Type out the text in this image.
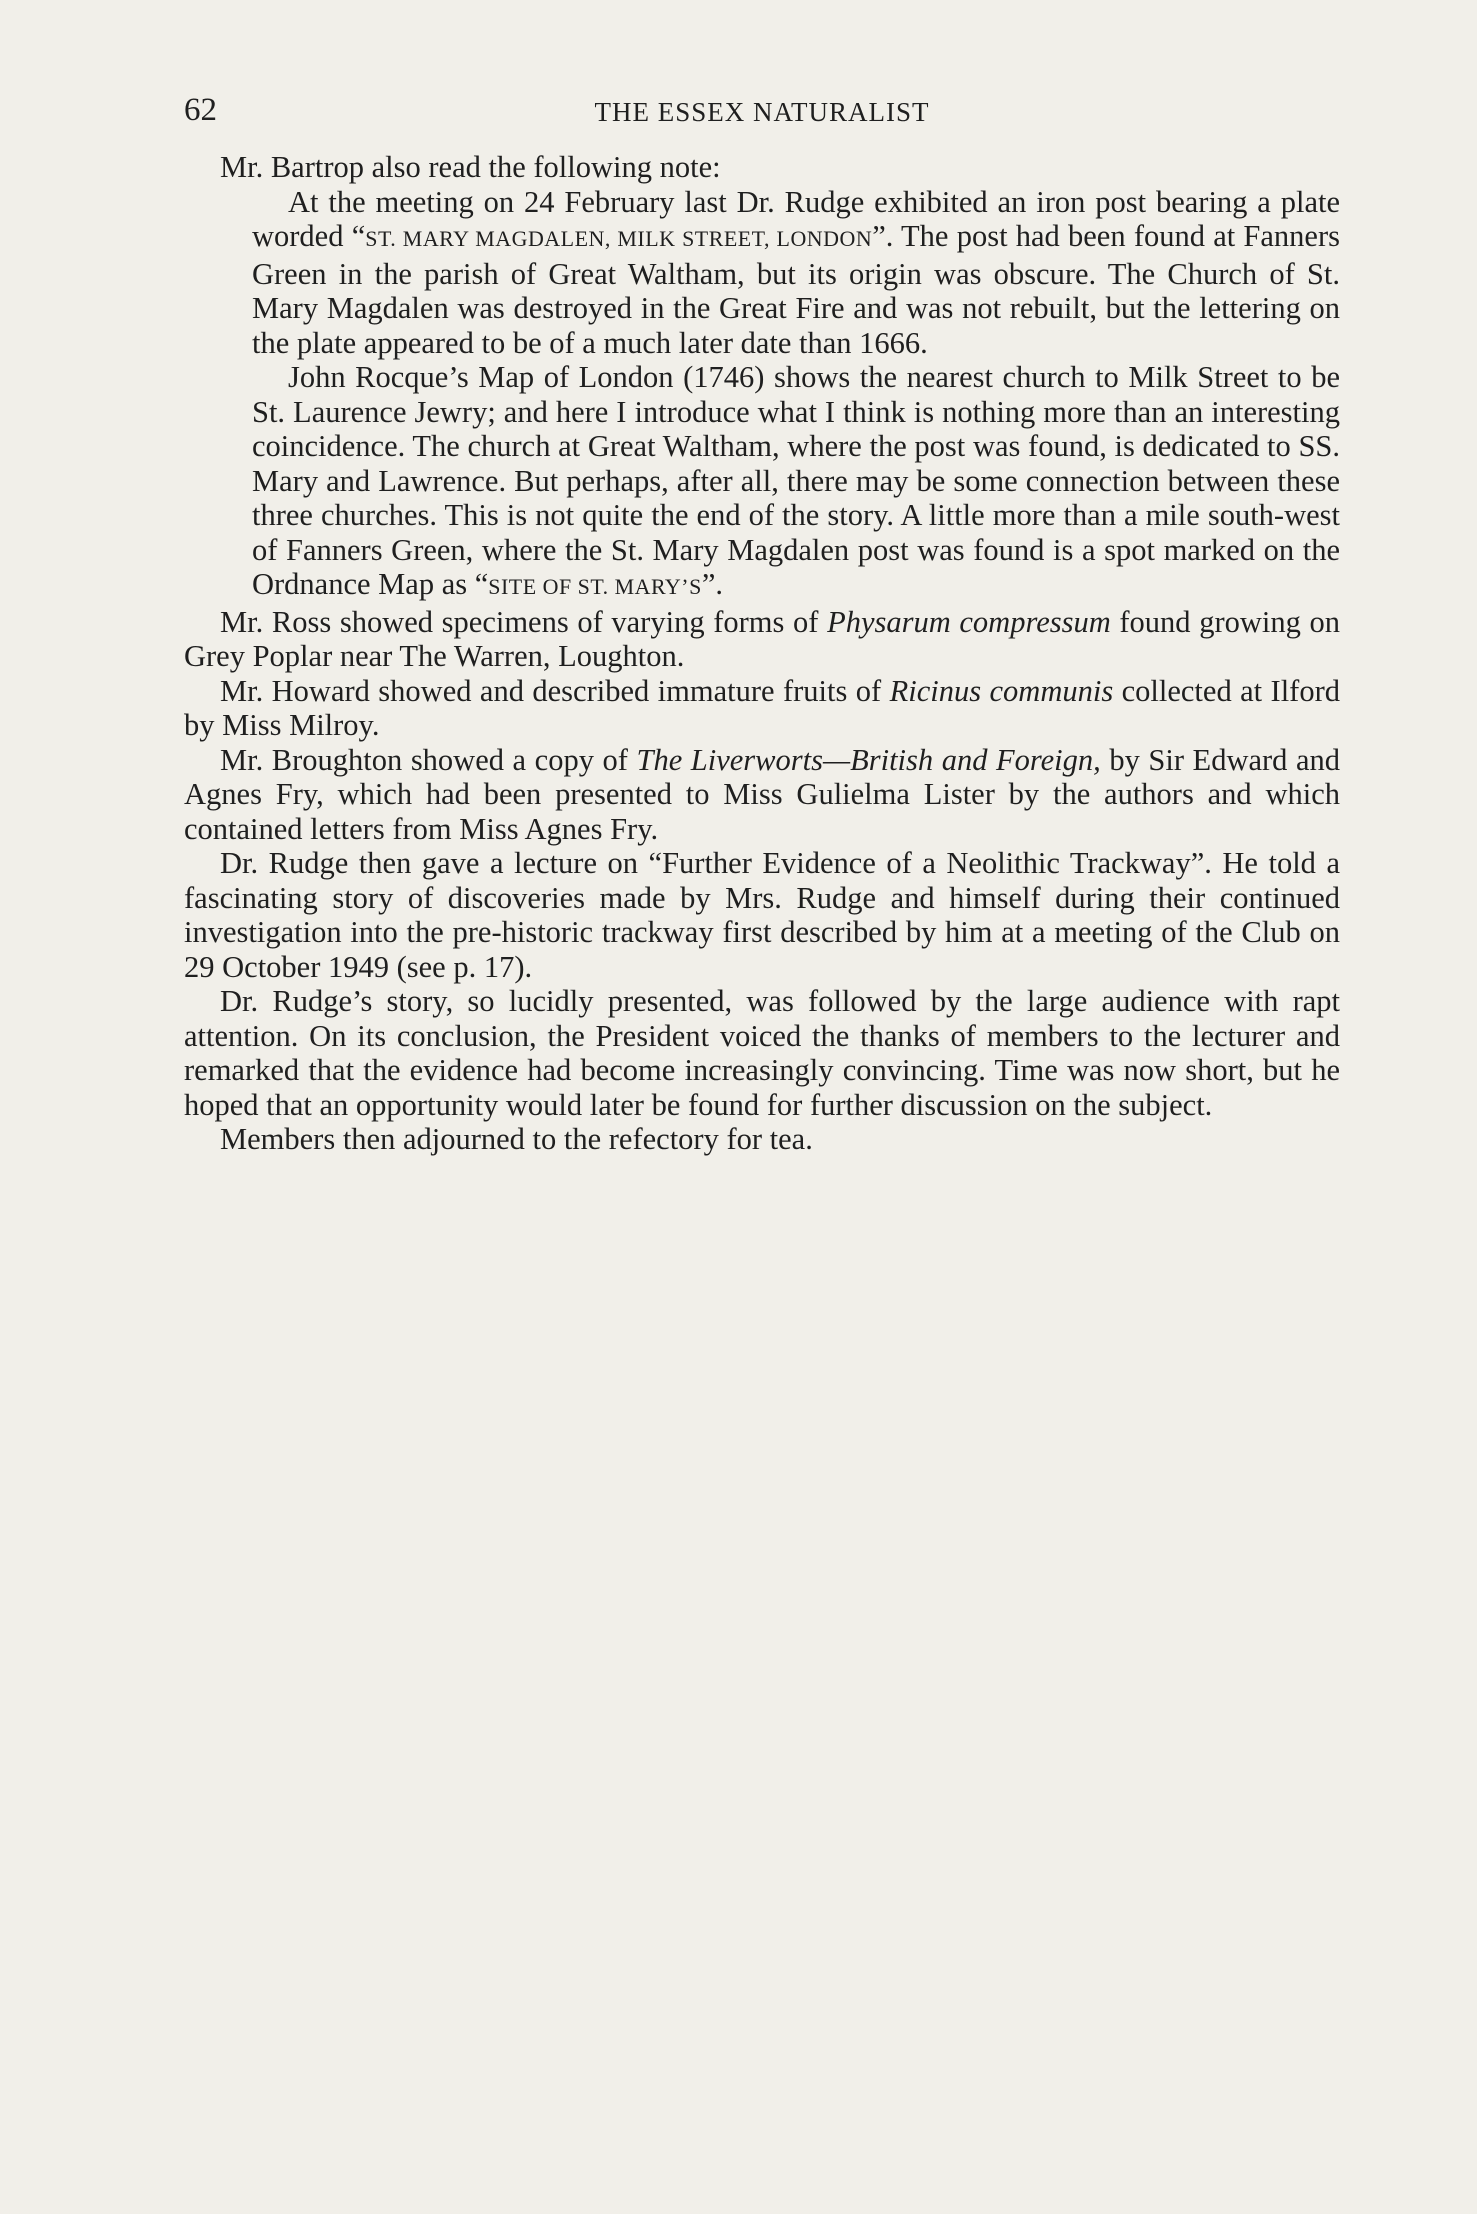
62	THE ESSEX NATURALIST

Mr. Bartrop also read the following note:

At the meeting on 24 February last Dr. Rudge exhibited an iron post bearing a plate worded “ST. MARY MAGDALEN, MILK STREET, LONDON”. The post had been found at Fanners Green in the parish of Great Waltham, but its origin was obscure. The Church of St. Mary Magdalen was destroyed in the Great Fire and was not rebuilt, but the lettering on the plate appeared to be of a much later date than 1666.

John Rocque’s Map of London (1746) shows the nearest church to Milk Street to be St. Laurence Jewry; and here I introduce what I think is nothing more than an interesting coincidence. The church at Great Waltham, where the post was found, is dedicated to SS. Mary and Lawrence. But perhaps, after all, there may be some connection between these three churches. This is not quite the end of the story. A little more than a mile south-west of Fanners Green, where the St. Mary Magdalen post was found is a spot marked on the Ordnance Map as “SITE OF ST. MARY’S”.

Mr. Ross showed specimens of varying forms of Physarum compressum found growing on Grey Poplar near The Warren, Loughton.

Mr. Howard showed and described immature fruits of Ricinus communis collected at Ilford by Miss Milroy.

Mr. Broughton showed a copy of The Liverworts—British and Foreign, by Sir Edward and Agnes Fry, which had been presented to Miss Gulielma Lister by the authors and which contained letters from Miss Agnes Fry.

Dr. Rudge then gave a lecture on “Further Evidence of a Neolithic Trackway”. He told a fascinating story of discoveries made by Mrs. Rudge and himself during their continued investigation into the pre-historic trackway first described by him at a meeting of the Club on 29 October 1949 (see p. 17).

Dr. Rudge’s story, so lucidly presented, was followed by the large audience with rapt attention. On its conclusion, the President voiced the thanks of members to the lecturer and remarked that the evidence had become increasingly convincing. Time was now short, but he hoped that an opportunity would later be found for further discussion on the subject.

Members then adjourned to the refectory for tea.
